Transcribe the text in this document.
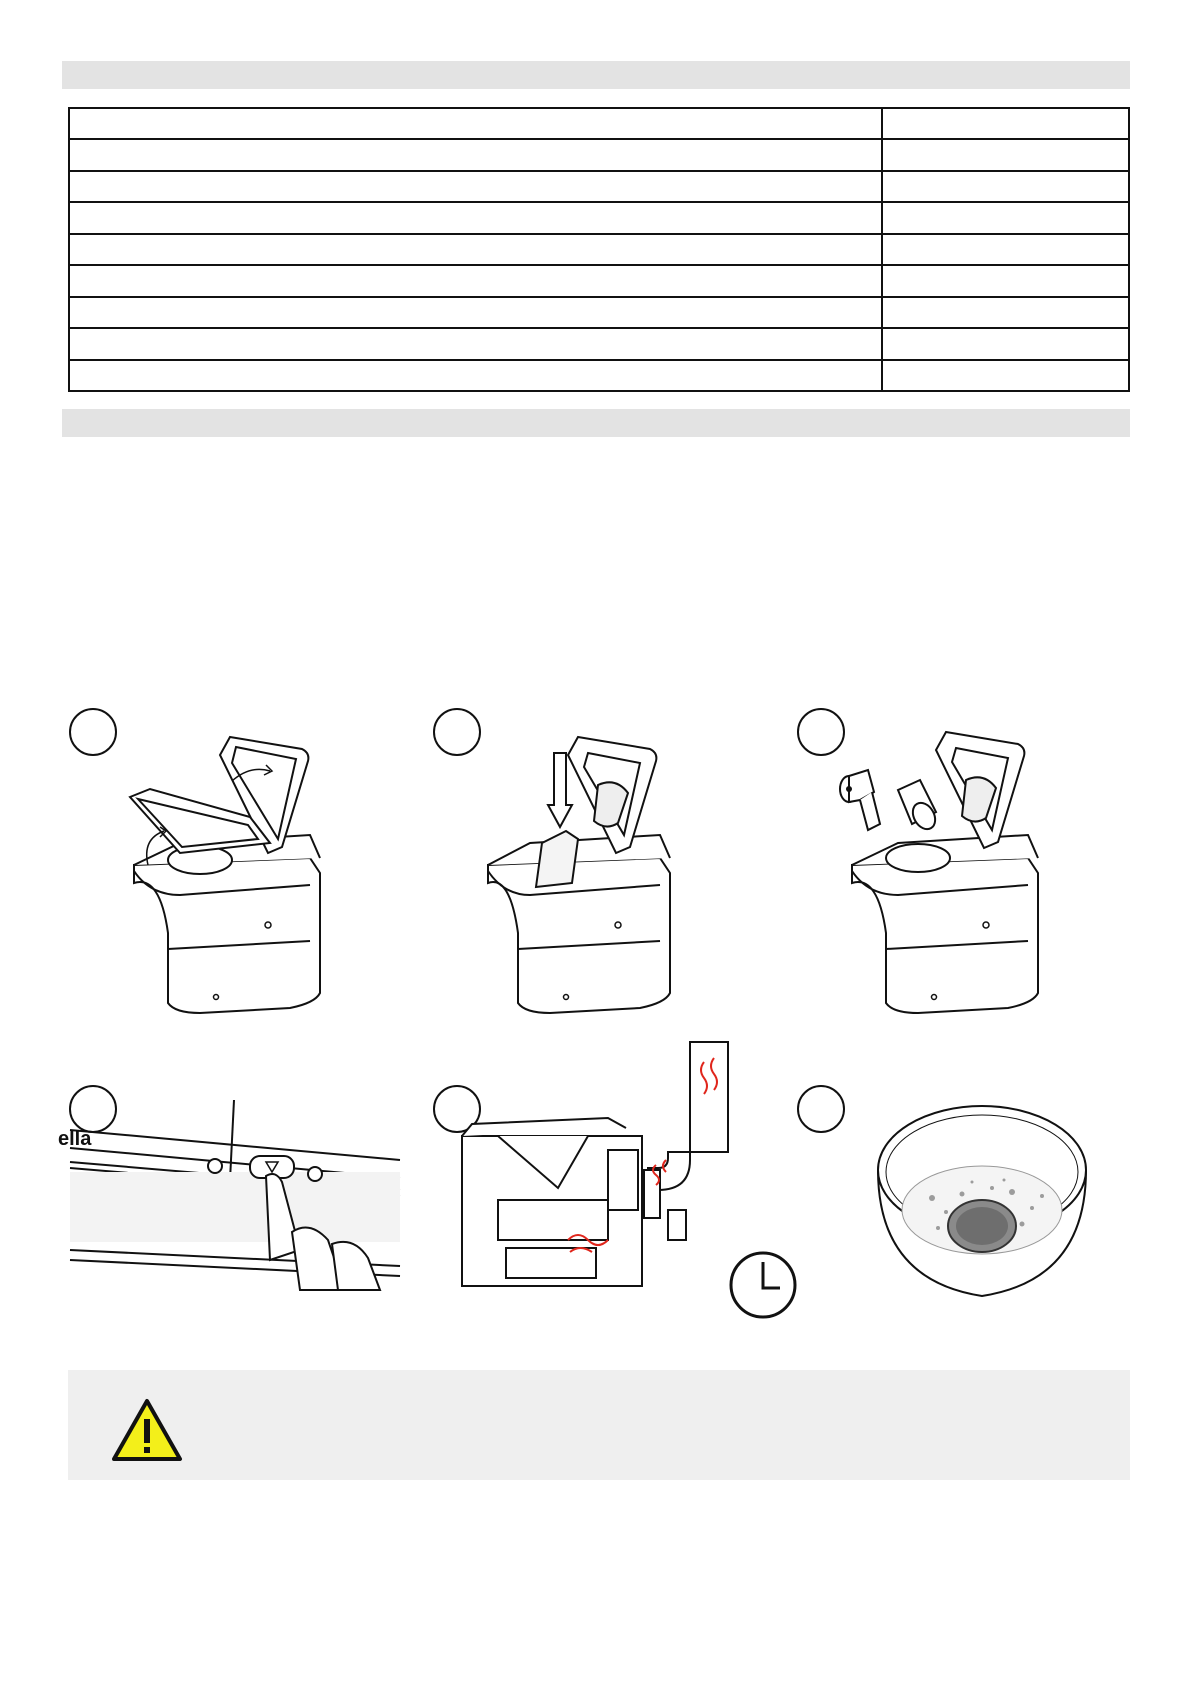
ella
